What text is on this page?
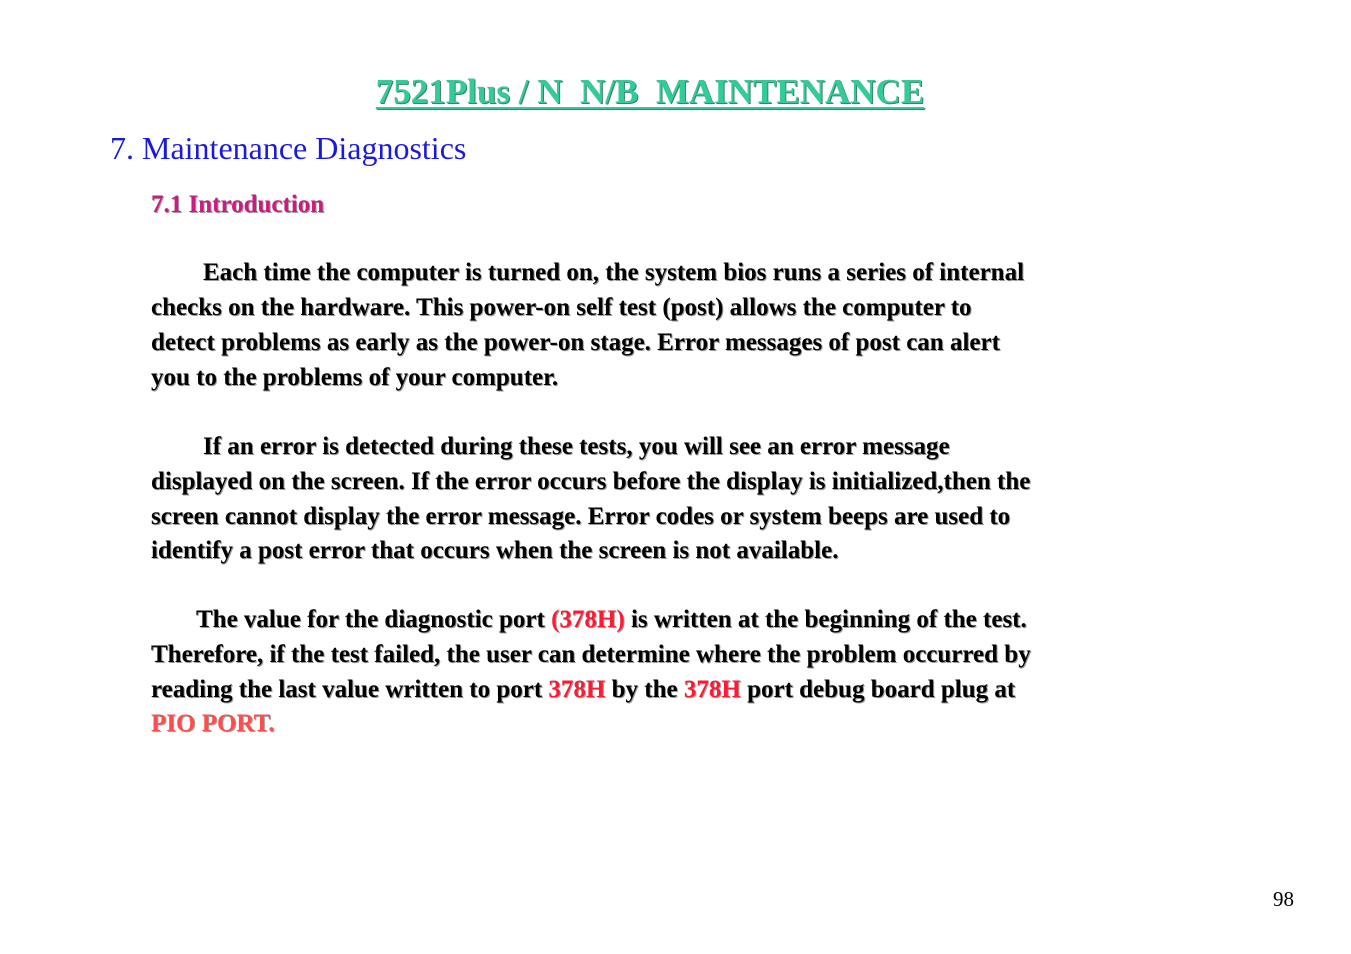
7521Plus / N  N/B  MAINTENANCE
7. Maintenance Diagnostics
7.1 Introduction
Each time the computer is turned on, the system bios runs a series of internal
checks on the hardware. This power-on self test (post) allows the computer to
detect problems as early as the power-on stage. Error messages of post can alert
you to the problems of your computer.
If an error is detected during these tests, you will see an error message
displayed on the screen. If the error occurs before the display is initialized,then the
screen cannot display the error message. Error codes or system beeps are used to
identify a post error that occurs when the screen is not available.
The value for the diagnostic port (378H) is written at the beginning of the test.
Therefore, if the test failed, the user can determine where the problem occurred by
reading the last value written to port 378H by the 378H port debug board plug at
PIO PORT.
98
